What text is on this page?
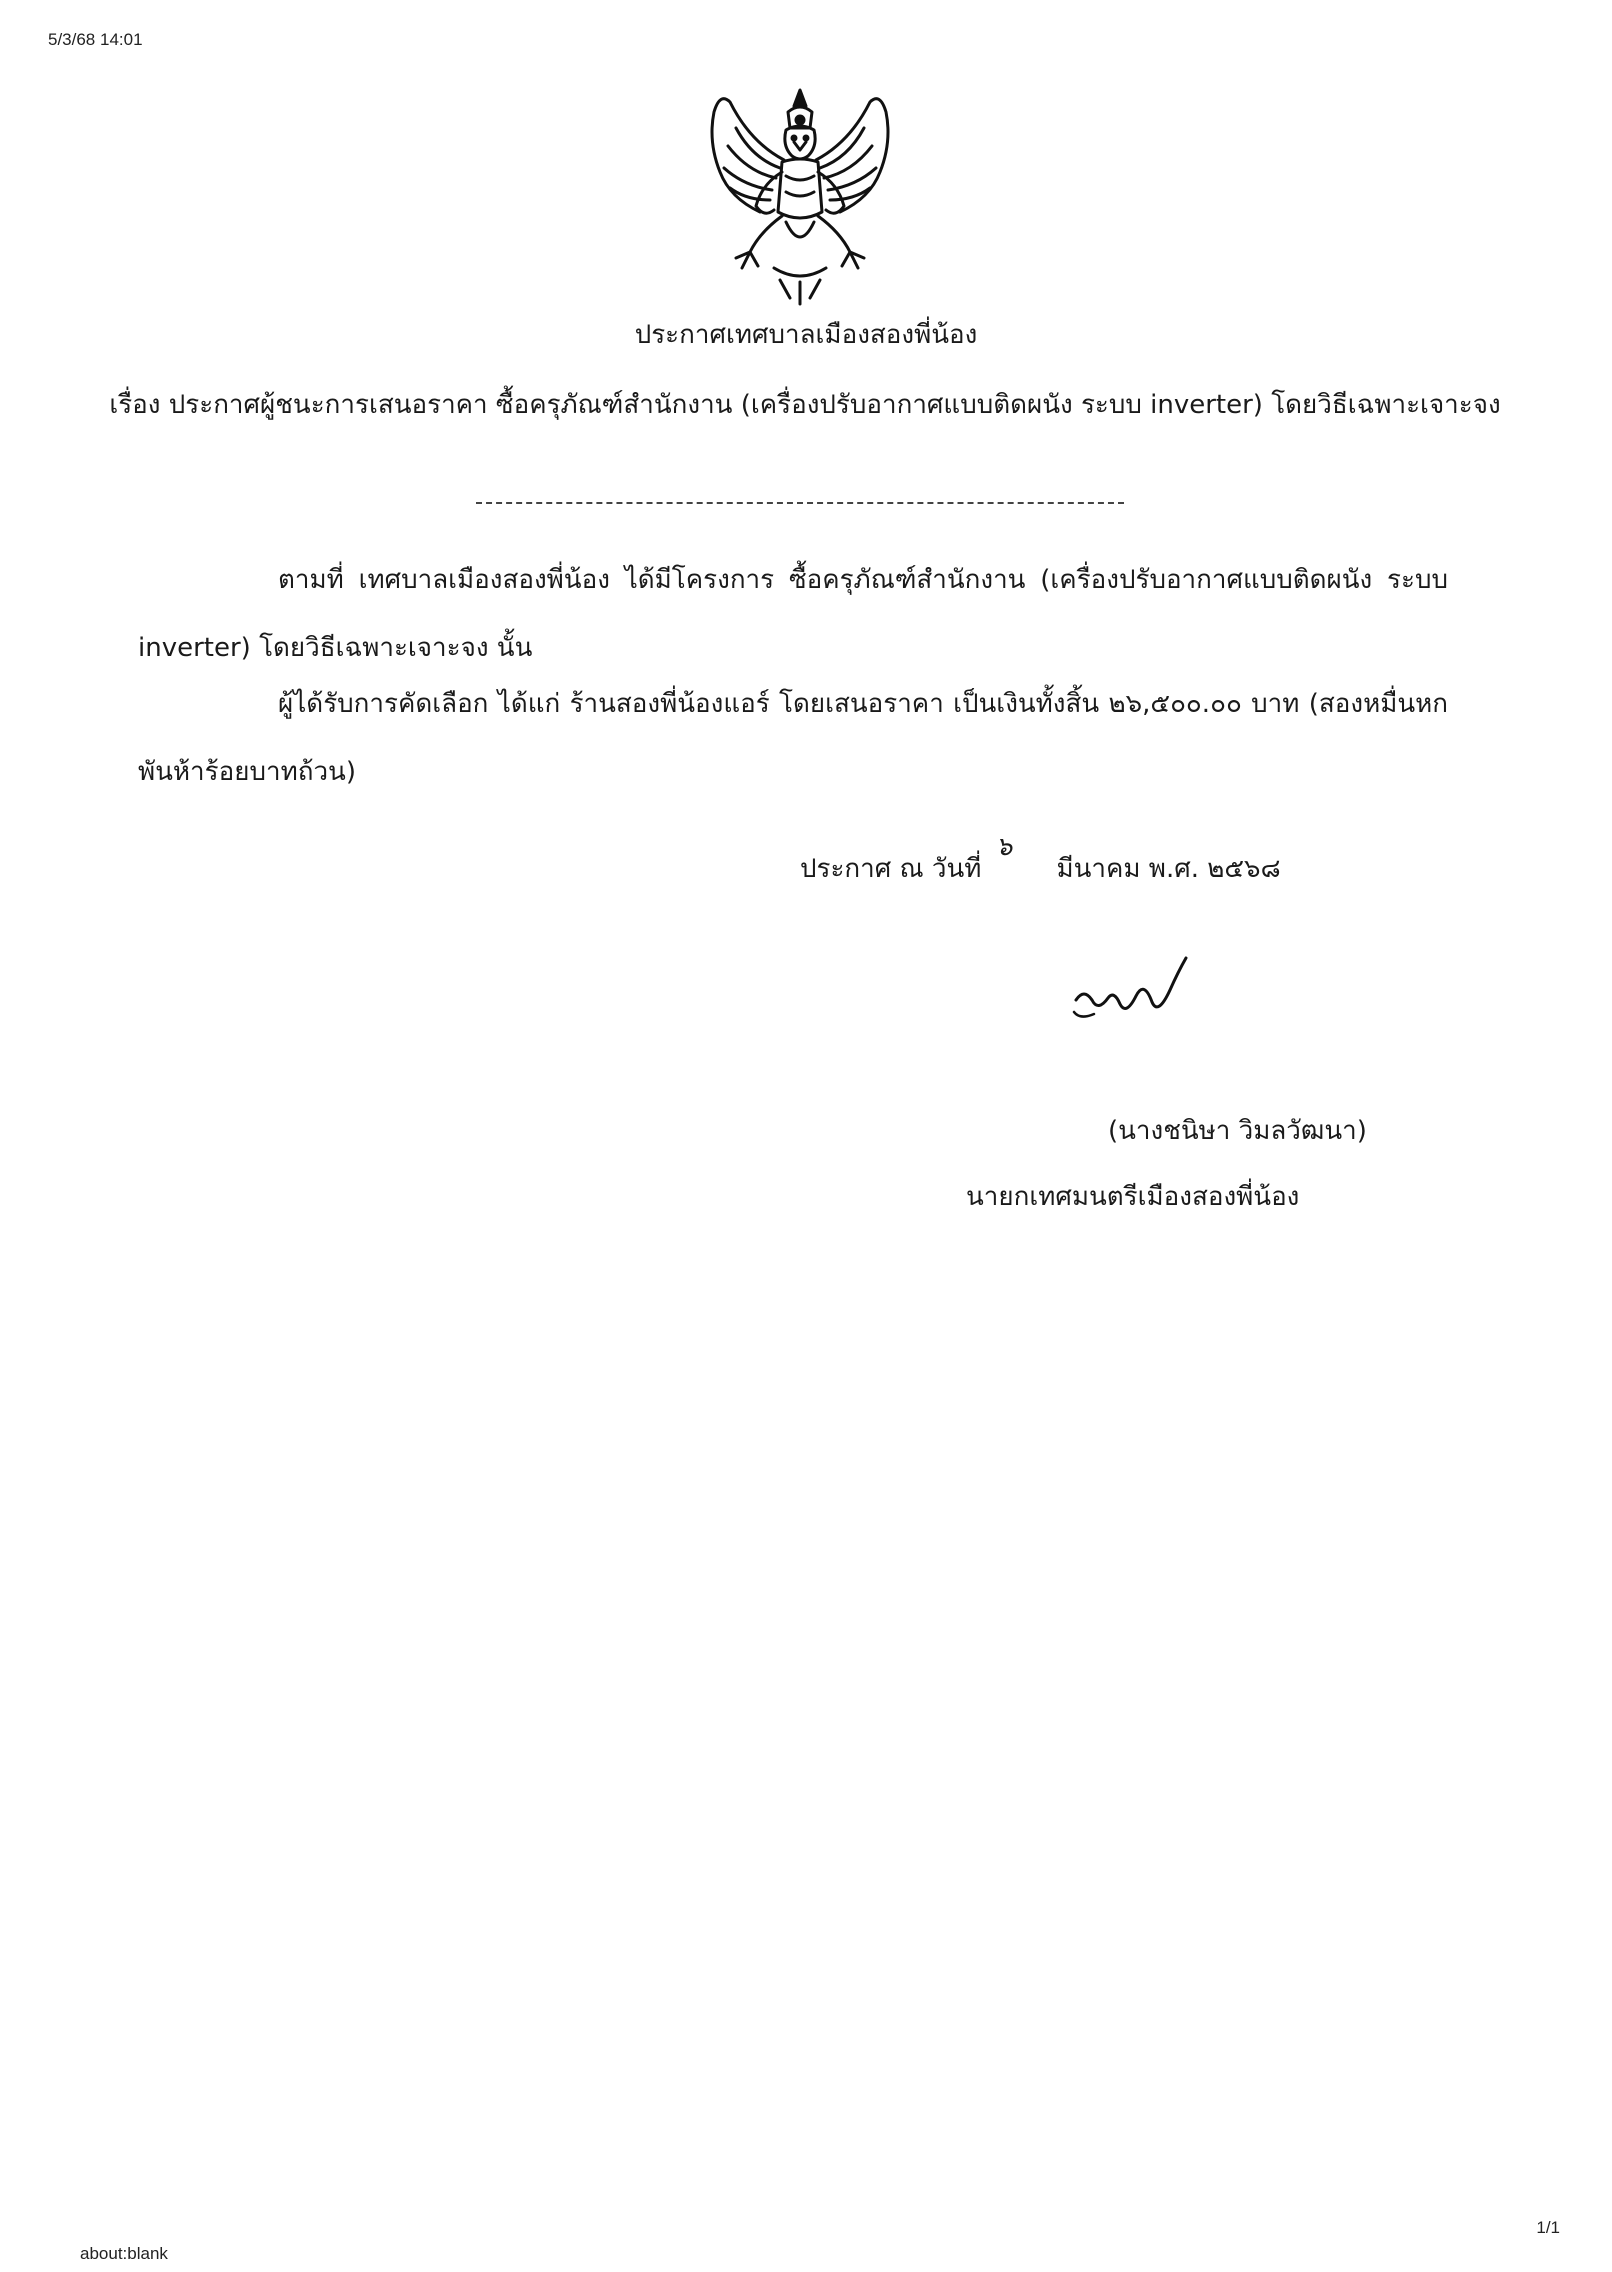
5/3/68 14:01
ประกาศเทศบาลเมืองสองพี่น้อง
เรื่อง ประกาศผู้ชนะการเสนอราคา ซื้อครุภัณฑ์สำนักงาน (เครื่องปรับอากาศแบบติดผนัง ระบบ inverter) โดยวิธีเฉพาะเจาะจง
ตามที่ เทศบาลเมืองสองพี่น้อง ได้มีโครงการ ซื้อครุภัณฑ์สำนักงาน (เครื่องปรับอากาศแบบติดผนัง ระบบ inverter) โดยวิธีเฉพาะเจาะจง นั้น
ผู้ได้รับการคัดเลือก ได้แก่ ร้านสองพี่น้องแอร์ โดยเสนอราคา เป็นเงินทั้งสิ้น ๒๖,๕๐๐.๐๐ บาท (สองหมื่นหกพันห้าร้อยบาทถ้วน)
ประกาศ ณ วันที่ ๖ มีนาคม พ.ศ. ๒๕๖๘
(นางชนิษา วิมลวัฒนา)
นายกเทศมนตรีเมืองสองพี่น้อง
1/1
about:blank
